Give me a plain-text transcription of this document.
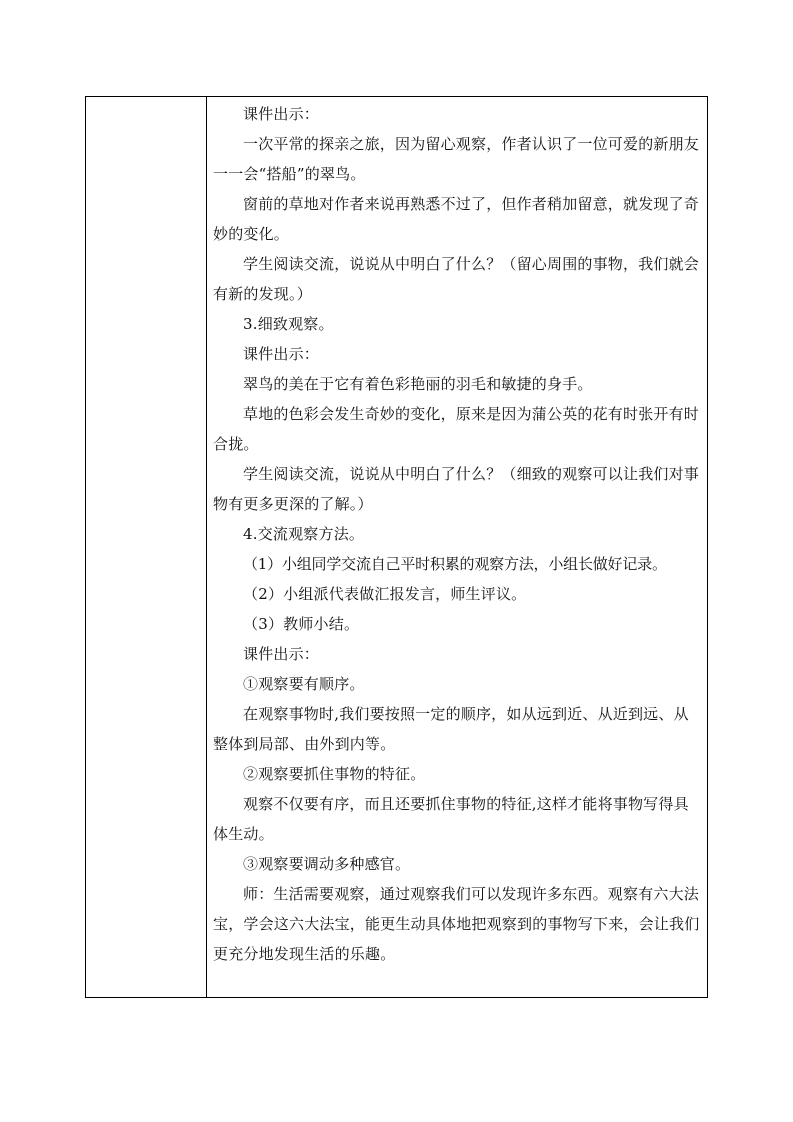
课件出示：

一次平常的探亲之旅，因为留心观察，作者认识了一位可爱的新朋友一一会“搭船”的翠鸟。

窗前的草地对作者来说再熟悉不过了，但作者稍加留意，就发现了奇妙的变化。

学生阅读交流，说说从中明白了什么？（留心周围的事物，我们就会有新的发现。）

3.细致观察。

课件出示：

翠鸟的美在于它有着色彩艳丽的羽毛和敏捷的身手。

草地的色彩会发生奇妙的变化，原来是因为蒲公英的花有时张开有时合拢。

学生阅读交流，说说从中明白了什么？（细致的观察可以让我们对事物有更多更深的了解。）

4.交流观察方法。

（1）小组同学交流自己平时积累的观察方法，小组长做好记录。

（2）小组派代表做汇报发言，师生评议。

（3）教师小结。

课件出示：

①观察要有顺序。

在观察事物时,我们要按照一定的顺序，如从远到近、从近到远、从整体到局部、由外到内等。

②观察要抓住事物的特征。

观察不仅要有序，而且还要抓住事物的特征,这样才能将事物写得具体生动。

③观察要调动多种感官。

师：生活需要观察，通过观察我们可以发现许多东西。观察有六大法宝，学会这六大法宝，能更生动具体地把观察到的事物写下来，会让我们更充分地发现生活的乐趣。
